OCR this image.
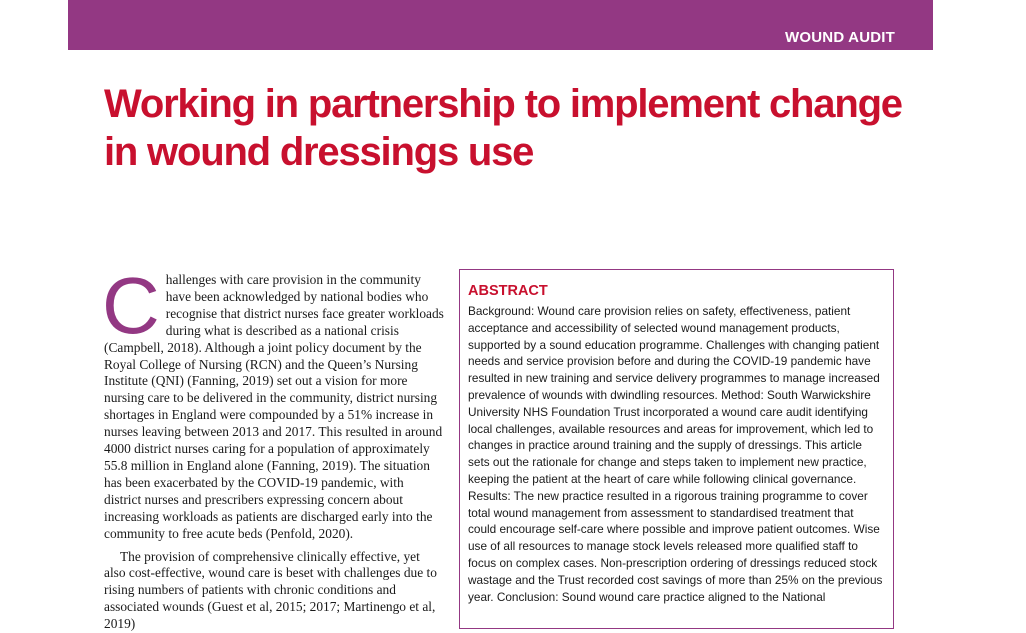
WOUND AUDIT
Working in partnership to implement change in wound dressings use

Challenges with care provision in the community have been acknowledged by national bodies who recognise that district nurses face greater workloads during what is described as a national crisis (Campbell, 2018). Although a joint policy document by the Royal College of Nursing (RCN) and the Queen’s Nursing Institute (QNI) (Fanning, 2019) set out a vision for more nursing care to be delivered in the community, district nursing shortages in England were compounded by a 51% increase in nurses leaving between 2013 and 2017. This resulted in around 4000 district nurses caring for a population of approximately 55.8 million in England alone (Fanning, 2019). The situation has been exacerbated by the COVID-19 pandemic, with district nurses and prescribers expressing concern about increasing workloads as patients are discharged early into the community to free acute beds (Penfold, 2020).

The provision of comprehensive clinically effective, yet also cost-effective, wound care is beset with challenges due to rising numbers of patients with chronic conditions and associated wounds (Guest et al, 2015; 2017; Martinengo et al, 2019)

ABSTRACT

Background: Wound care provision relies on safety, effectiveness, patient acceptance and accessibility of selected wound management products, supported by a sound education programme. Challenges with changing patient needs and service provision before and during the COVID-19 pandemic have resulted in new training and service delivery programmes to manage increased prevalence of wounds with dwindling resources. Method: South Warwickshire University NHS Foundation Trust incorporated a wound care audit identifying local challenges, available resources and areas for improvement, which led to changes in practice around training and the supply of dressings. This article sets out the rationale for change and steps taken to implement new practice, keeping the patient at the heart of care while following clinical governance. Results: The new practice resulted in a rigorous training programme to cover total wound management from assessment to standardised treatment that could encourage self-care where possible and improve patient outcomes. Wise use of all resources to manage stock levels released more qualified staff to focus on complex cases. Non-prescription ordering of dressings reduced stock wastage and the Trust recorded cost savings of more than 25% on the previous year. Conclusion: Sound wound care practice aligned to the National
